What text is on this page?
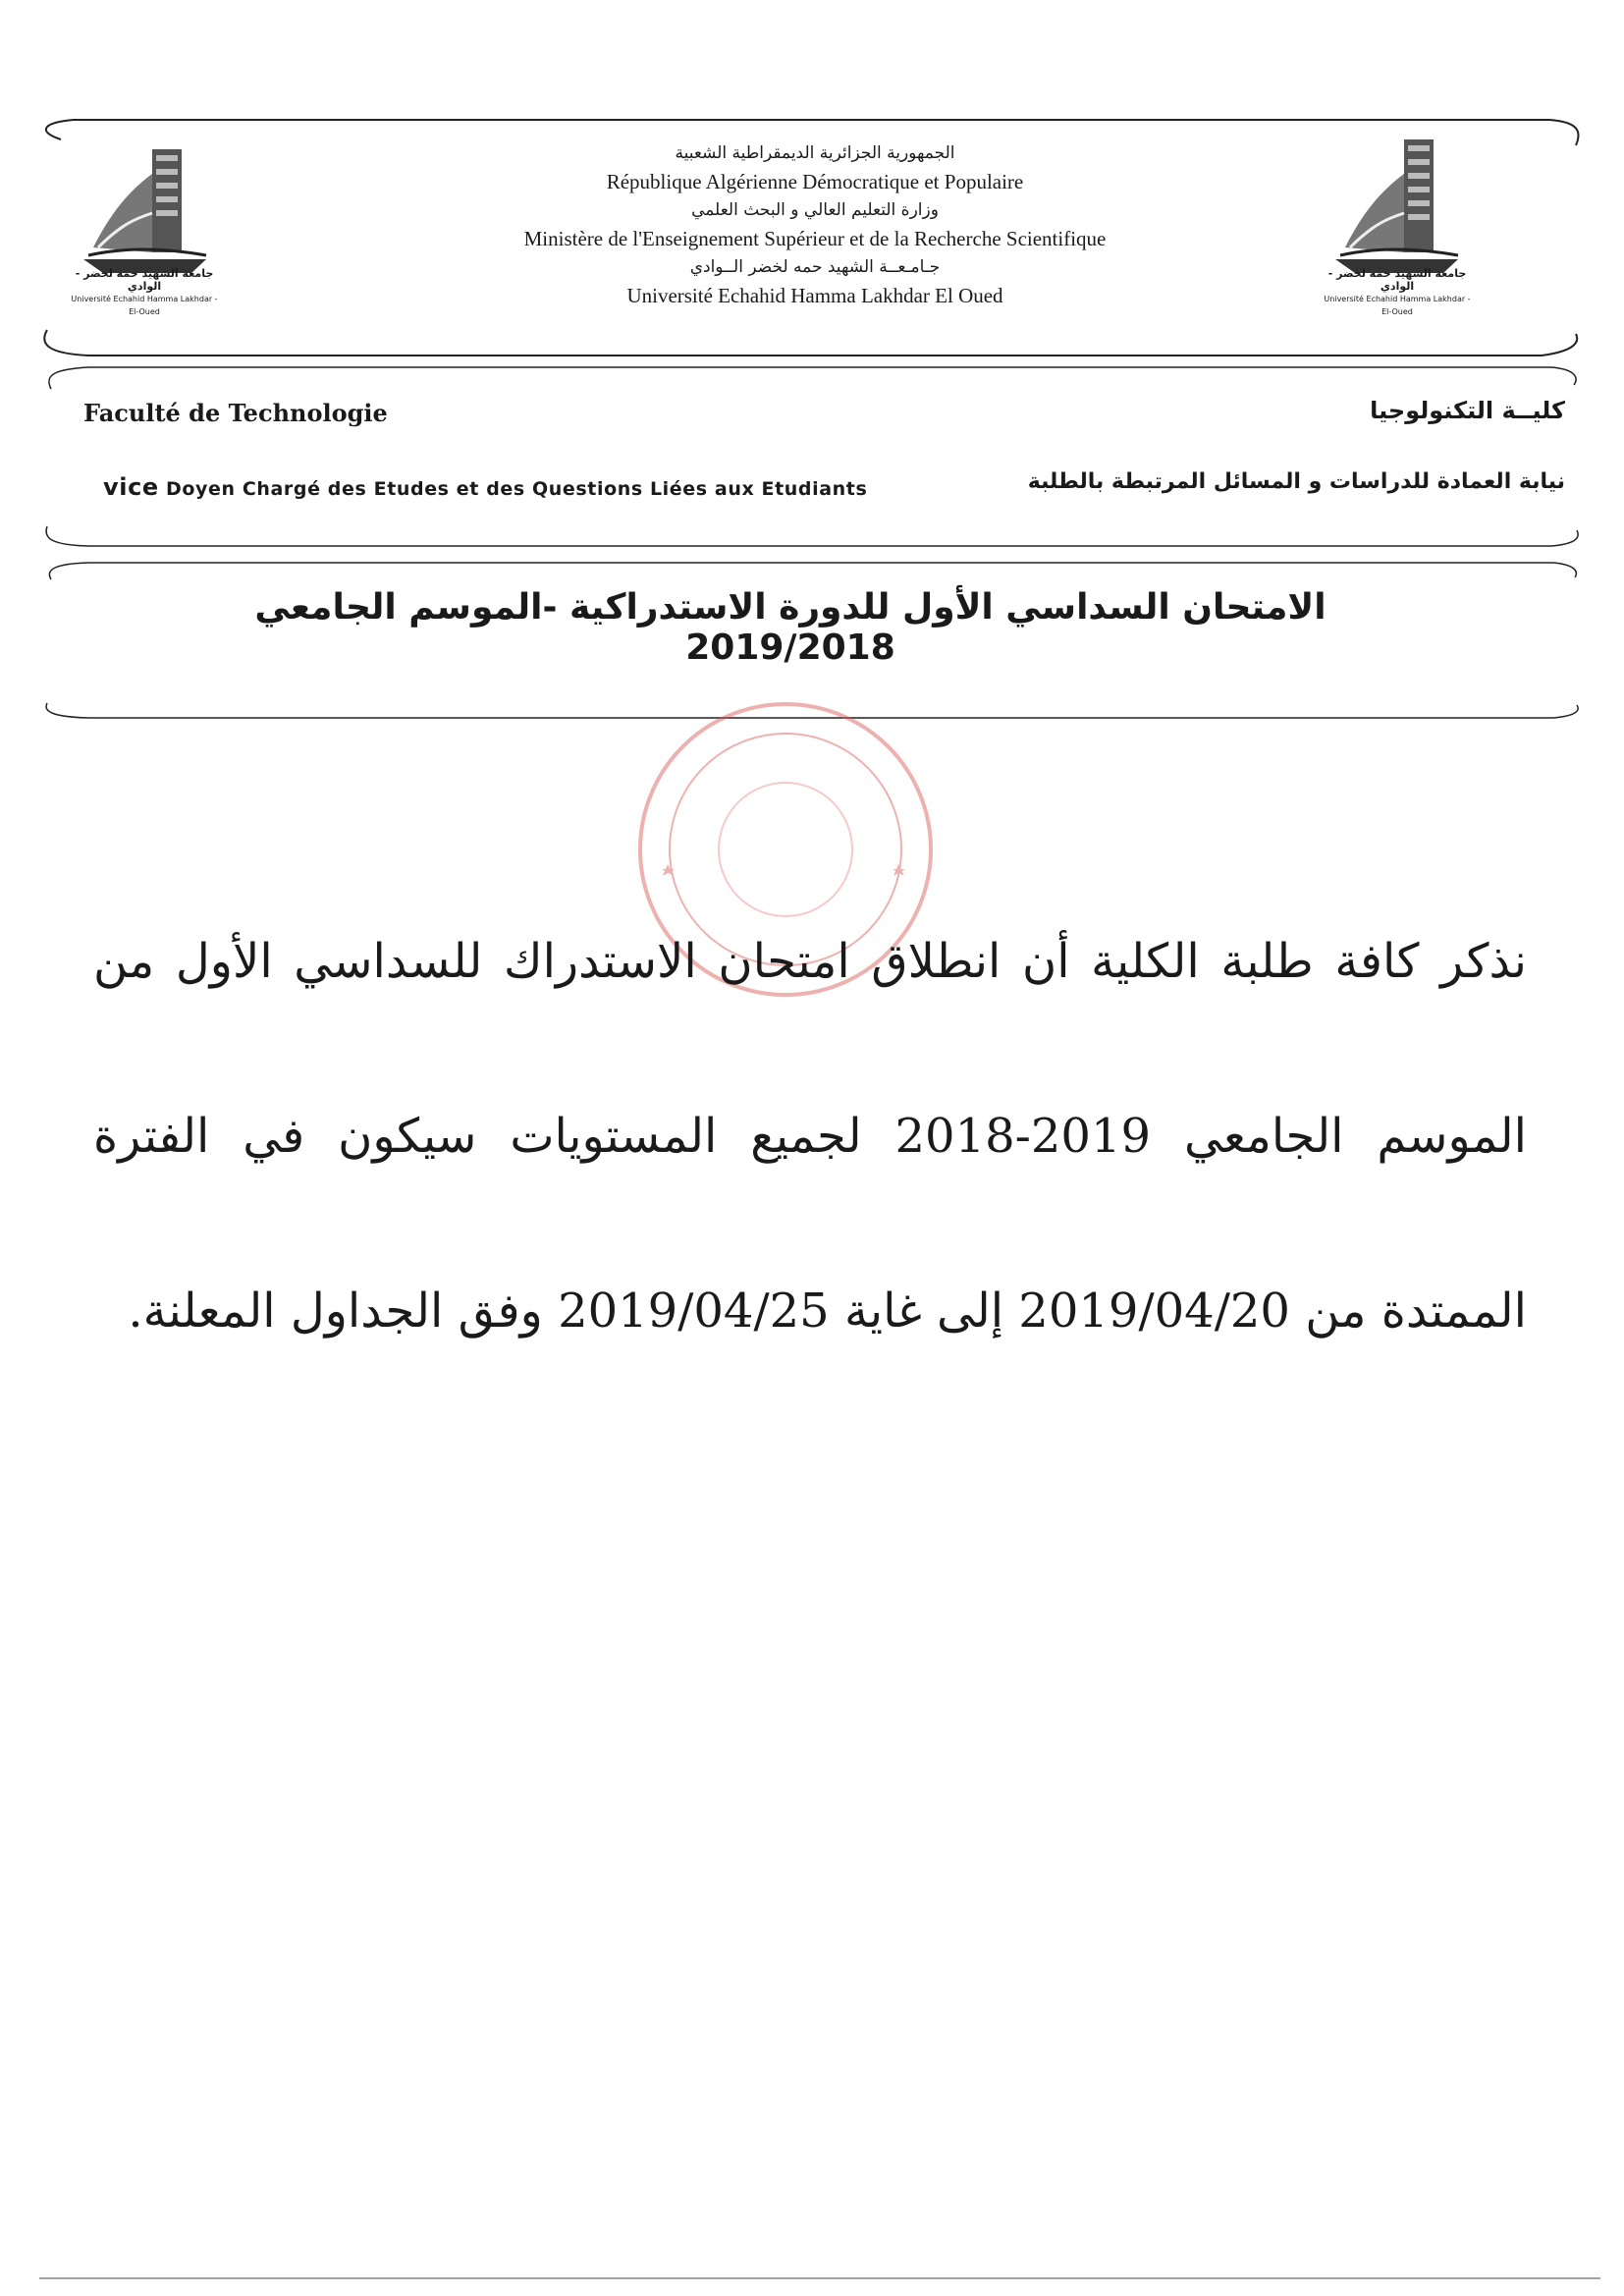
جامعة الشهيد حمه لخضر - الوادي
Université Echahid Hamma Lakhdar - El-Oued
جامعة الشهيد حمه لخضر - الوادي
Université Echahid Hamma Lakhdar - El-Oued
الجمهورية الجزائرية الديمقراطية الشعبية
République Algérienne Démocratique et Populaire
وزارة التعليم العالي و البحث العلمي
Ministère de l'Enseignement Supérieur et de la Recherche Scientifique
جـامـعــة الشهيد حمه لخضر الــوادي
Université Echahid Hamma Lakhdar El Oued
Faculté de Technologie	كليــة التكنولوجيا
vice Doyen Chargé des Etudes et des Questions Liées aux Etudiants	نيابة العمادة للدراسات و المسائل المرتبطة بالطلبة
الامتحان السداسي الأول للدورة الاستدراكية -الموسم الجامعي 2019/2018
نذكر كافة طلبة الكلية أن انطلاق امتحان الاستدراك للسداسي الأول من الموسم الجامعي 2019-2018 لجميع المستويات سيكون في الفترة الممتدة من 2019/04/20 إلى غاية 2019/04/25 وفق الجداول المعلنة.
